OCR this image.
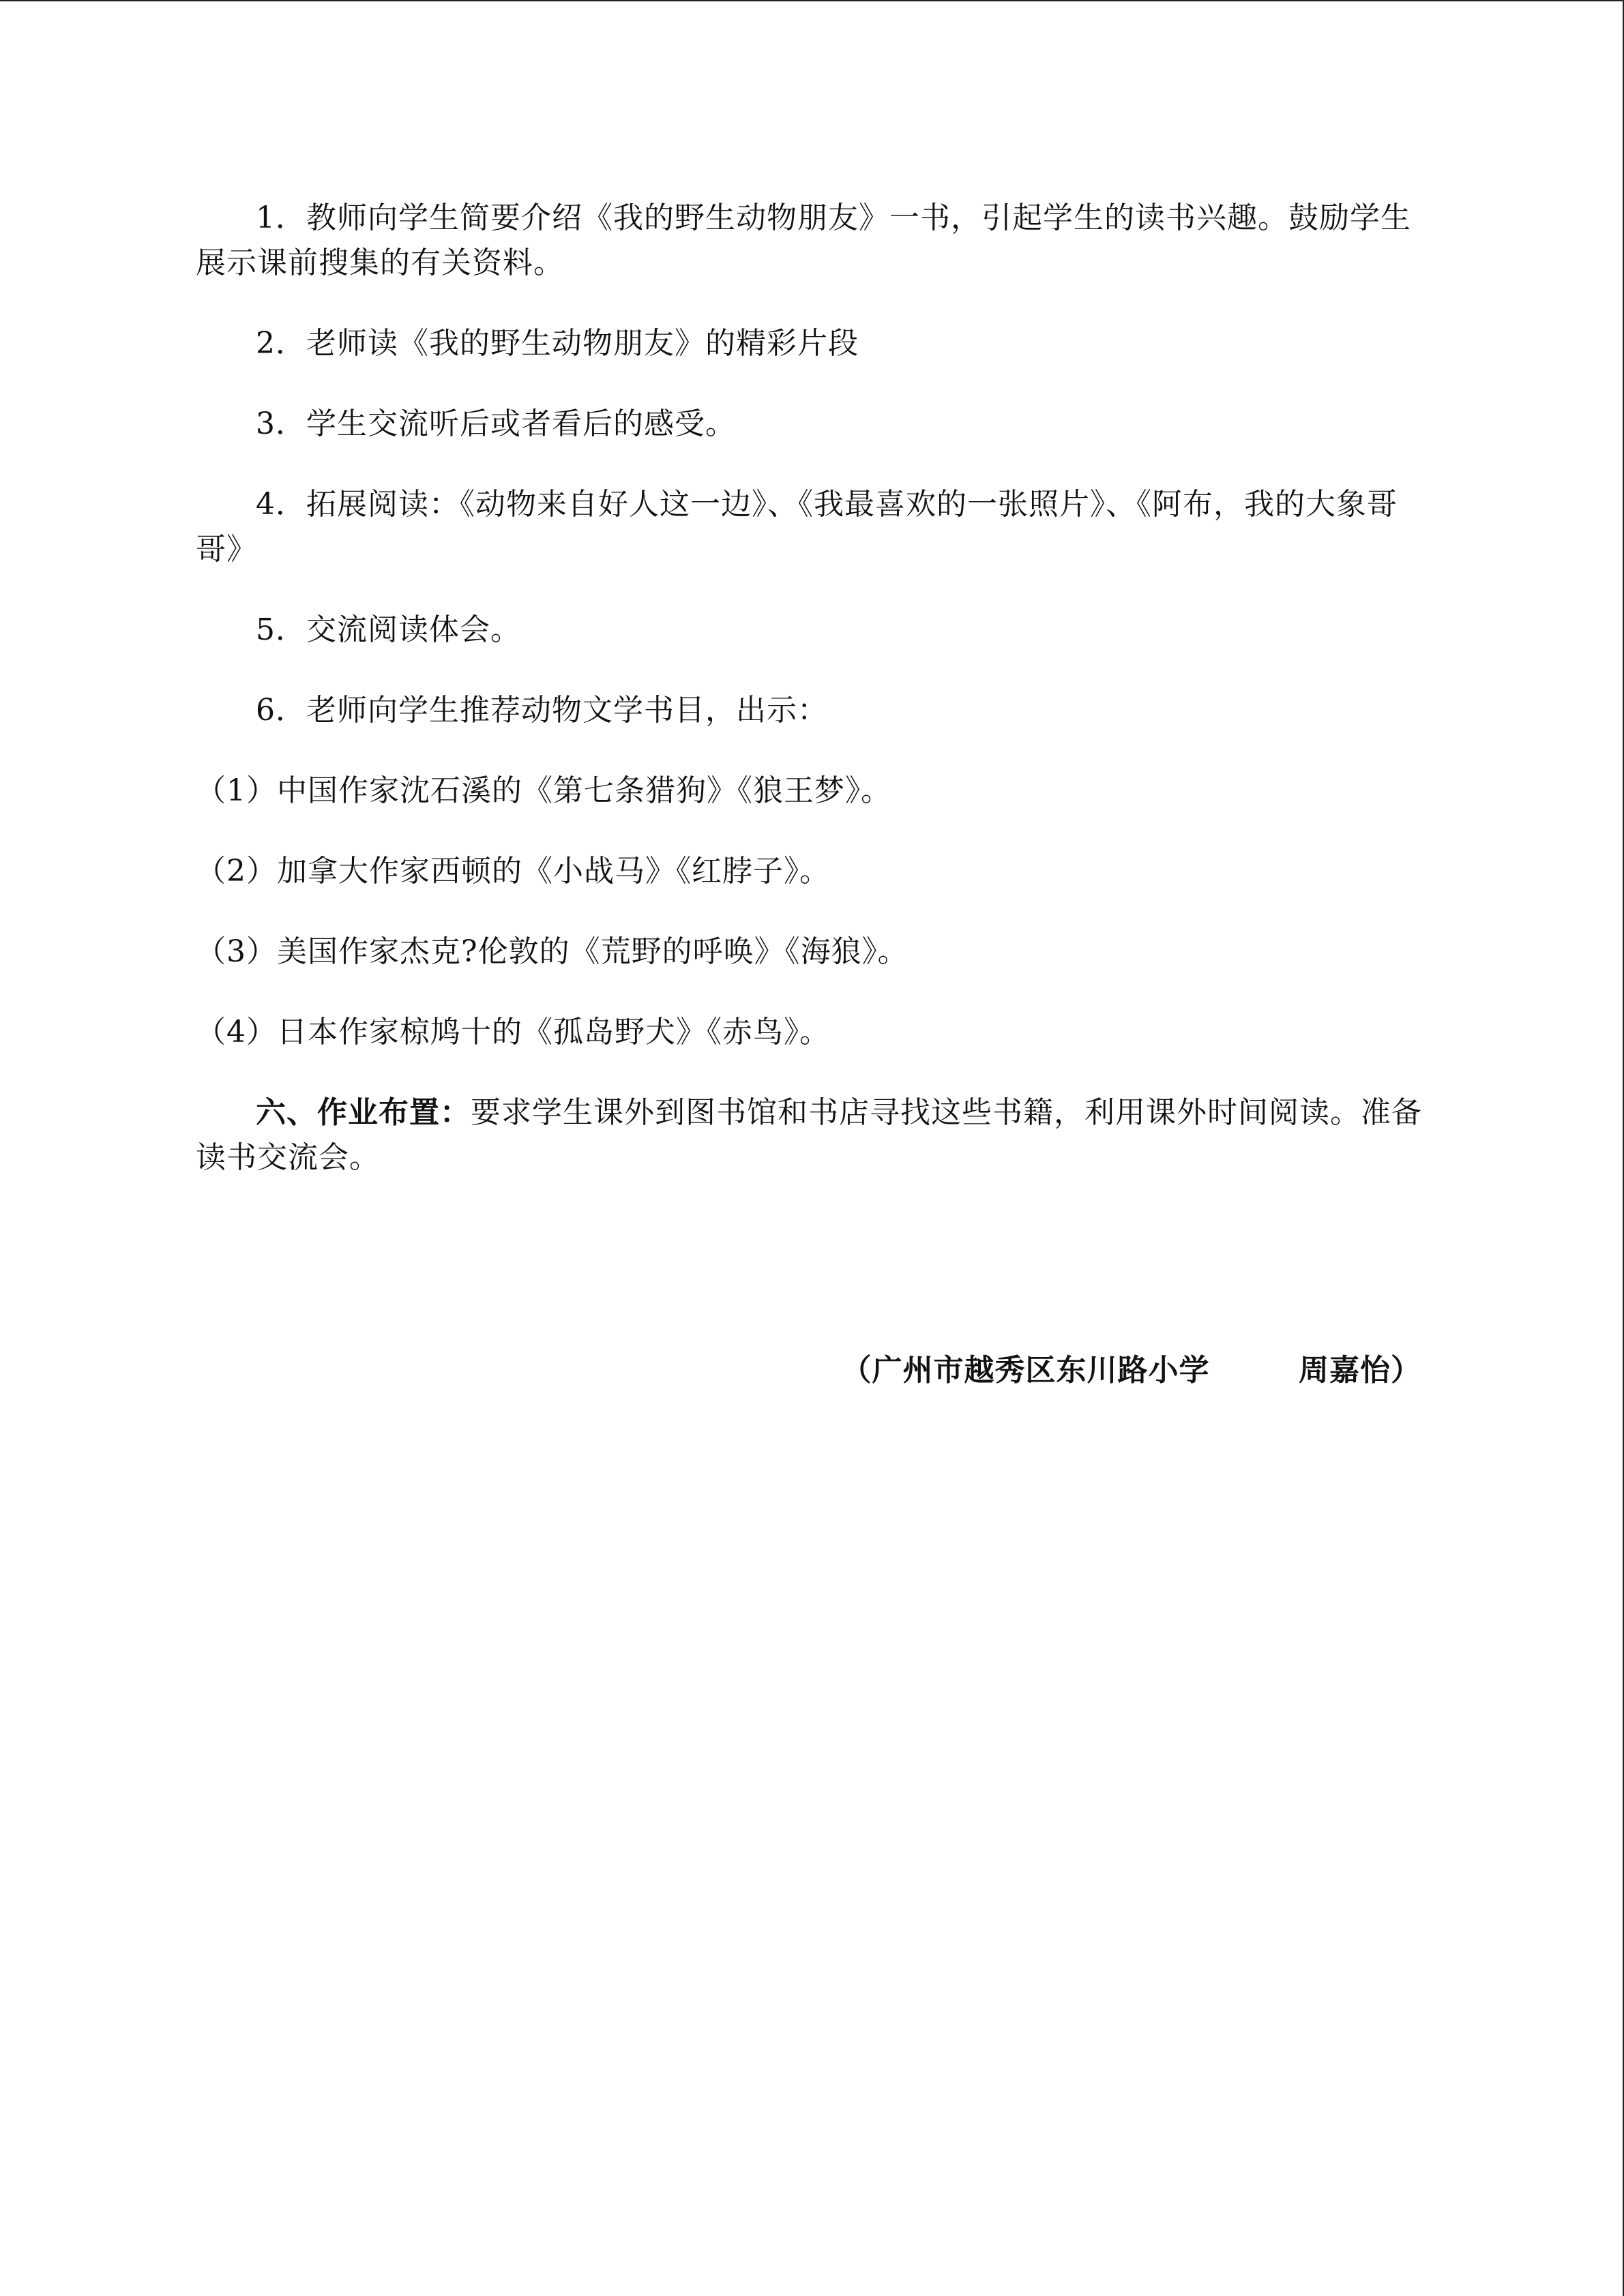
1．教师向学生简要介绍《我的野生动物朋友》一书，引起学生的读书兴趣。鼓励学生展示课前搜集的有关资料。

2．老师读《我的野生动物朋友》的精彩片段

3．学生交流听后或者看后的感受。

4．拓展阅读：《动物来自好人这一边》、《我最喜欢的一张照片》、《阿布，我的大象哥哥》

5．交流阅读体会。

6．老师向学生推荐动物文学书目，出示：

（1）中国作家沈石溪的《第七条猎狗》《狼王梦》。

（2）加拿大作家西顿的《小战马》《红脖子》。

（3）美国作家杰克?伦敦的《荒野的呼唤》《海狼》。

（4）日本作家椋鸠十的《孤岛野犬》《赤鸟》。

六、作业布置：要求学生课外到图书馆和书店寻找这些书籍，利用课外时间阅读。准备读书交流会。

（广州市越秀区东川路小学        周嘉怡）
